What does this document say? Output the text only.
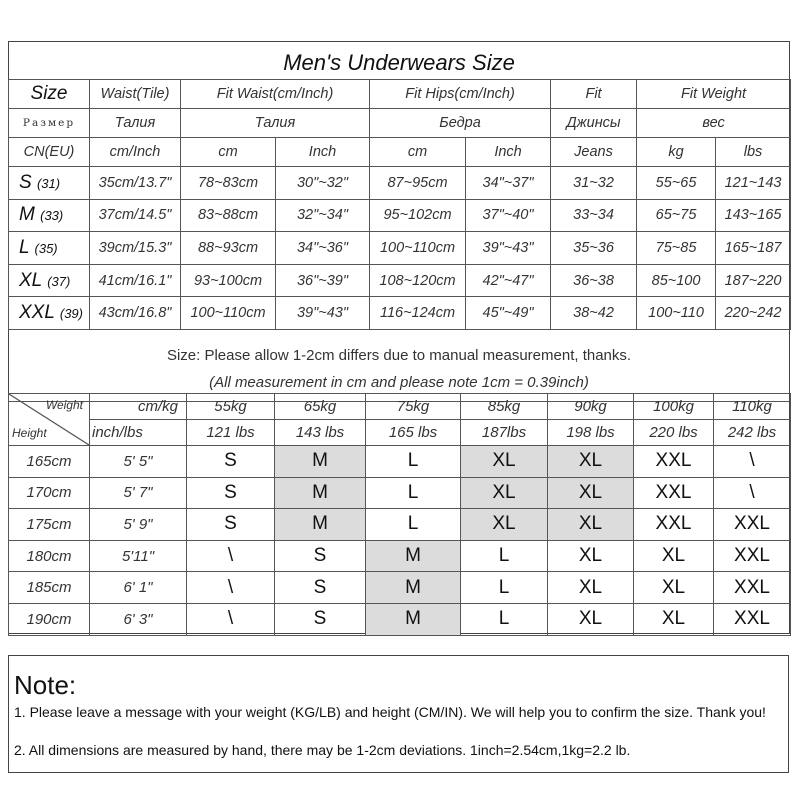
Men's Underwears Size
Size	Waist(Tile)	Fit Waist(cm/Inch)		Fit Hips(cm/Inch)		Fit	Fit Weight	
Размер	Талия	Талия		Бедра		Джинсы	вес	
CN(EU)	cm/Inch	cm	Inch	cm	Inch	Jeans	kg	lbs
S (31)	35cm/13.7"	78~83cm	30"~32"	87~95cm	34"~37"	31~32	55~65	121~143
M (33)	37cm/14.5"	83~88cm	32"~34"	95~102cm	37"~40"	33~34	65~75	143~165
L (35)	39cm/15.3"	88~93cm	34"~36"	100~110cm	39"~43"	35~36	75~85	165~187
XL (37)	41cm/16.1"	93~100cm	36"~39"	108~120cm	42"~47"	36~38	85~100	187~220
XXL (39)	43cm/16.8"	100~110cm	39"~43"	116~124cm	45"~49"	38~42	100~110	220~242
Size: Please allow 1-2cm differs due to manual measurement, thanks.
(All measurement in cm and please note 1cm = 0.39inch)
Weight
Height	cm/kg	55kg	65kg	75kg	85kg	90kg	100kg	110kg
	inch/lbs	121 lbs	143 lbs	165 lbs	187lbs	198 lbs	220 lbs	242 lbs
165cm	5' 5"	S	M	L	XL	XL	XXL	\
170cm	5' 7"	S	M	L	XL	XL	XXL	\
175cm	5' 9"	S	M	L	XL	XL	XXL	XXL
180cm	5'11"	\	S	M	L	XL	XL	XXL
185cm	6' 1"	\	S	M	L	XL	XL	XXL
190cm	6' 3"	\	S	M	L	XL	XL	XXL
Note:
1. Please leave a message with your weight (KG/LB) and height (CM/IN). We will help you to confirm the size. Thank you!
2. All dimensions are measured by hand, there may be 1-2cm deviations. 1inch=2.54cm,1kg=2.2 lb.
